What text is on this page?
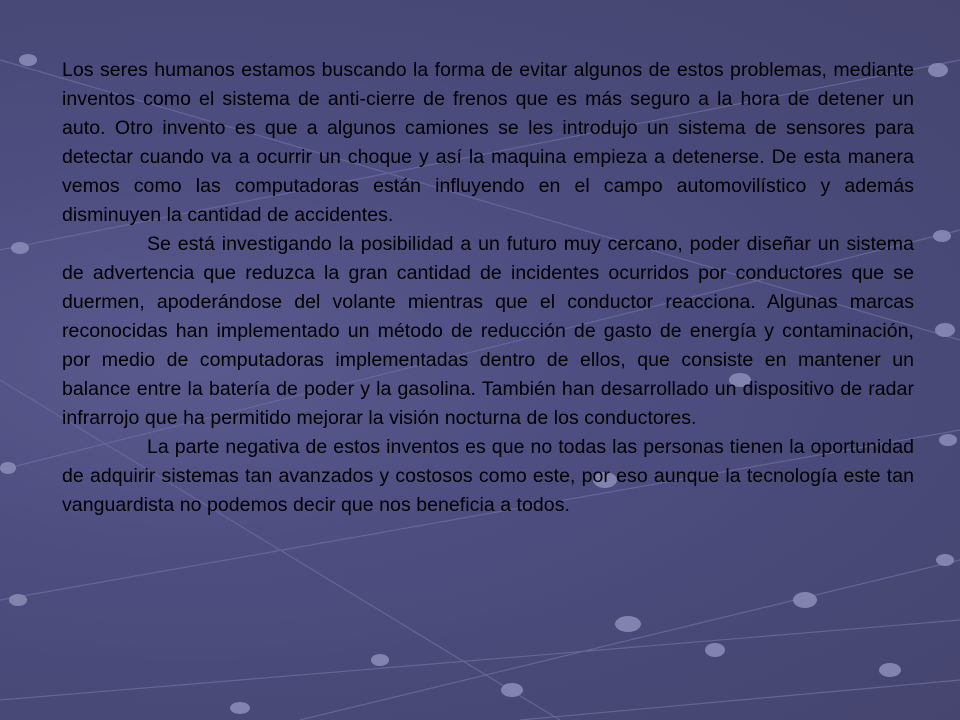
Los seres humanos estamos buscando la forma de evitar algunos de estos problemas, mediante inventos como el sistema de anti-cierre de frenos que es más seguro a la hora de detener un auto. Otro invento es que a algunos camiones se les introdujo un sistema de sensores para detectar cuando va a ocurrir un choque y así la maquina empieza a detenerse. De esta manera vemos como las computadoras están influyendo en el campo automovilístico y además disminuyen la cantidad de accidentes.

Se está investigando la posibilidad a un futuro muy cercano, poder diseñar un sistema de advertencia que reduzca la gran cantidad de incidentes ocurridos por conductores que se duermen, apoderándose del volante mientras que el conductor reacciona. Algunas marcas reconocidas han implementado un método de reducción de gasto de energía y contaminación, por medio de computadoras implementadas dentro de ellos, que consiste en mantener un balance entre la batería de poder y la gasolina. También han desarrollado un dispositivo de radar infrarrojo que ha permitido mejorar la visión nocturna de los conductores.

La parte negativa de estos inventos es que no todas las personas tienen la oportunidad de adquirir sistemas tan avanzados y costosos como este, por eso aunque la tecnología este tan vanguardista no podemos decir que nos beneficia a todos.
